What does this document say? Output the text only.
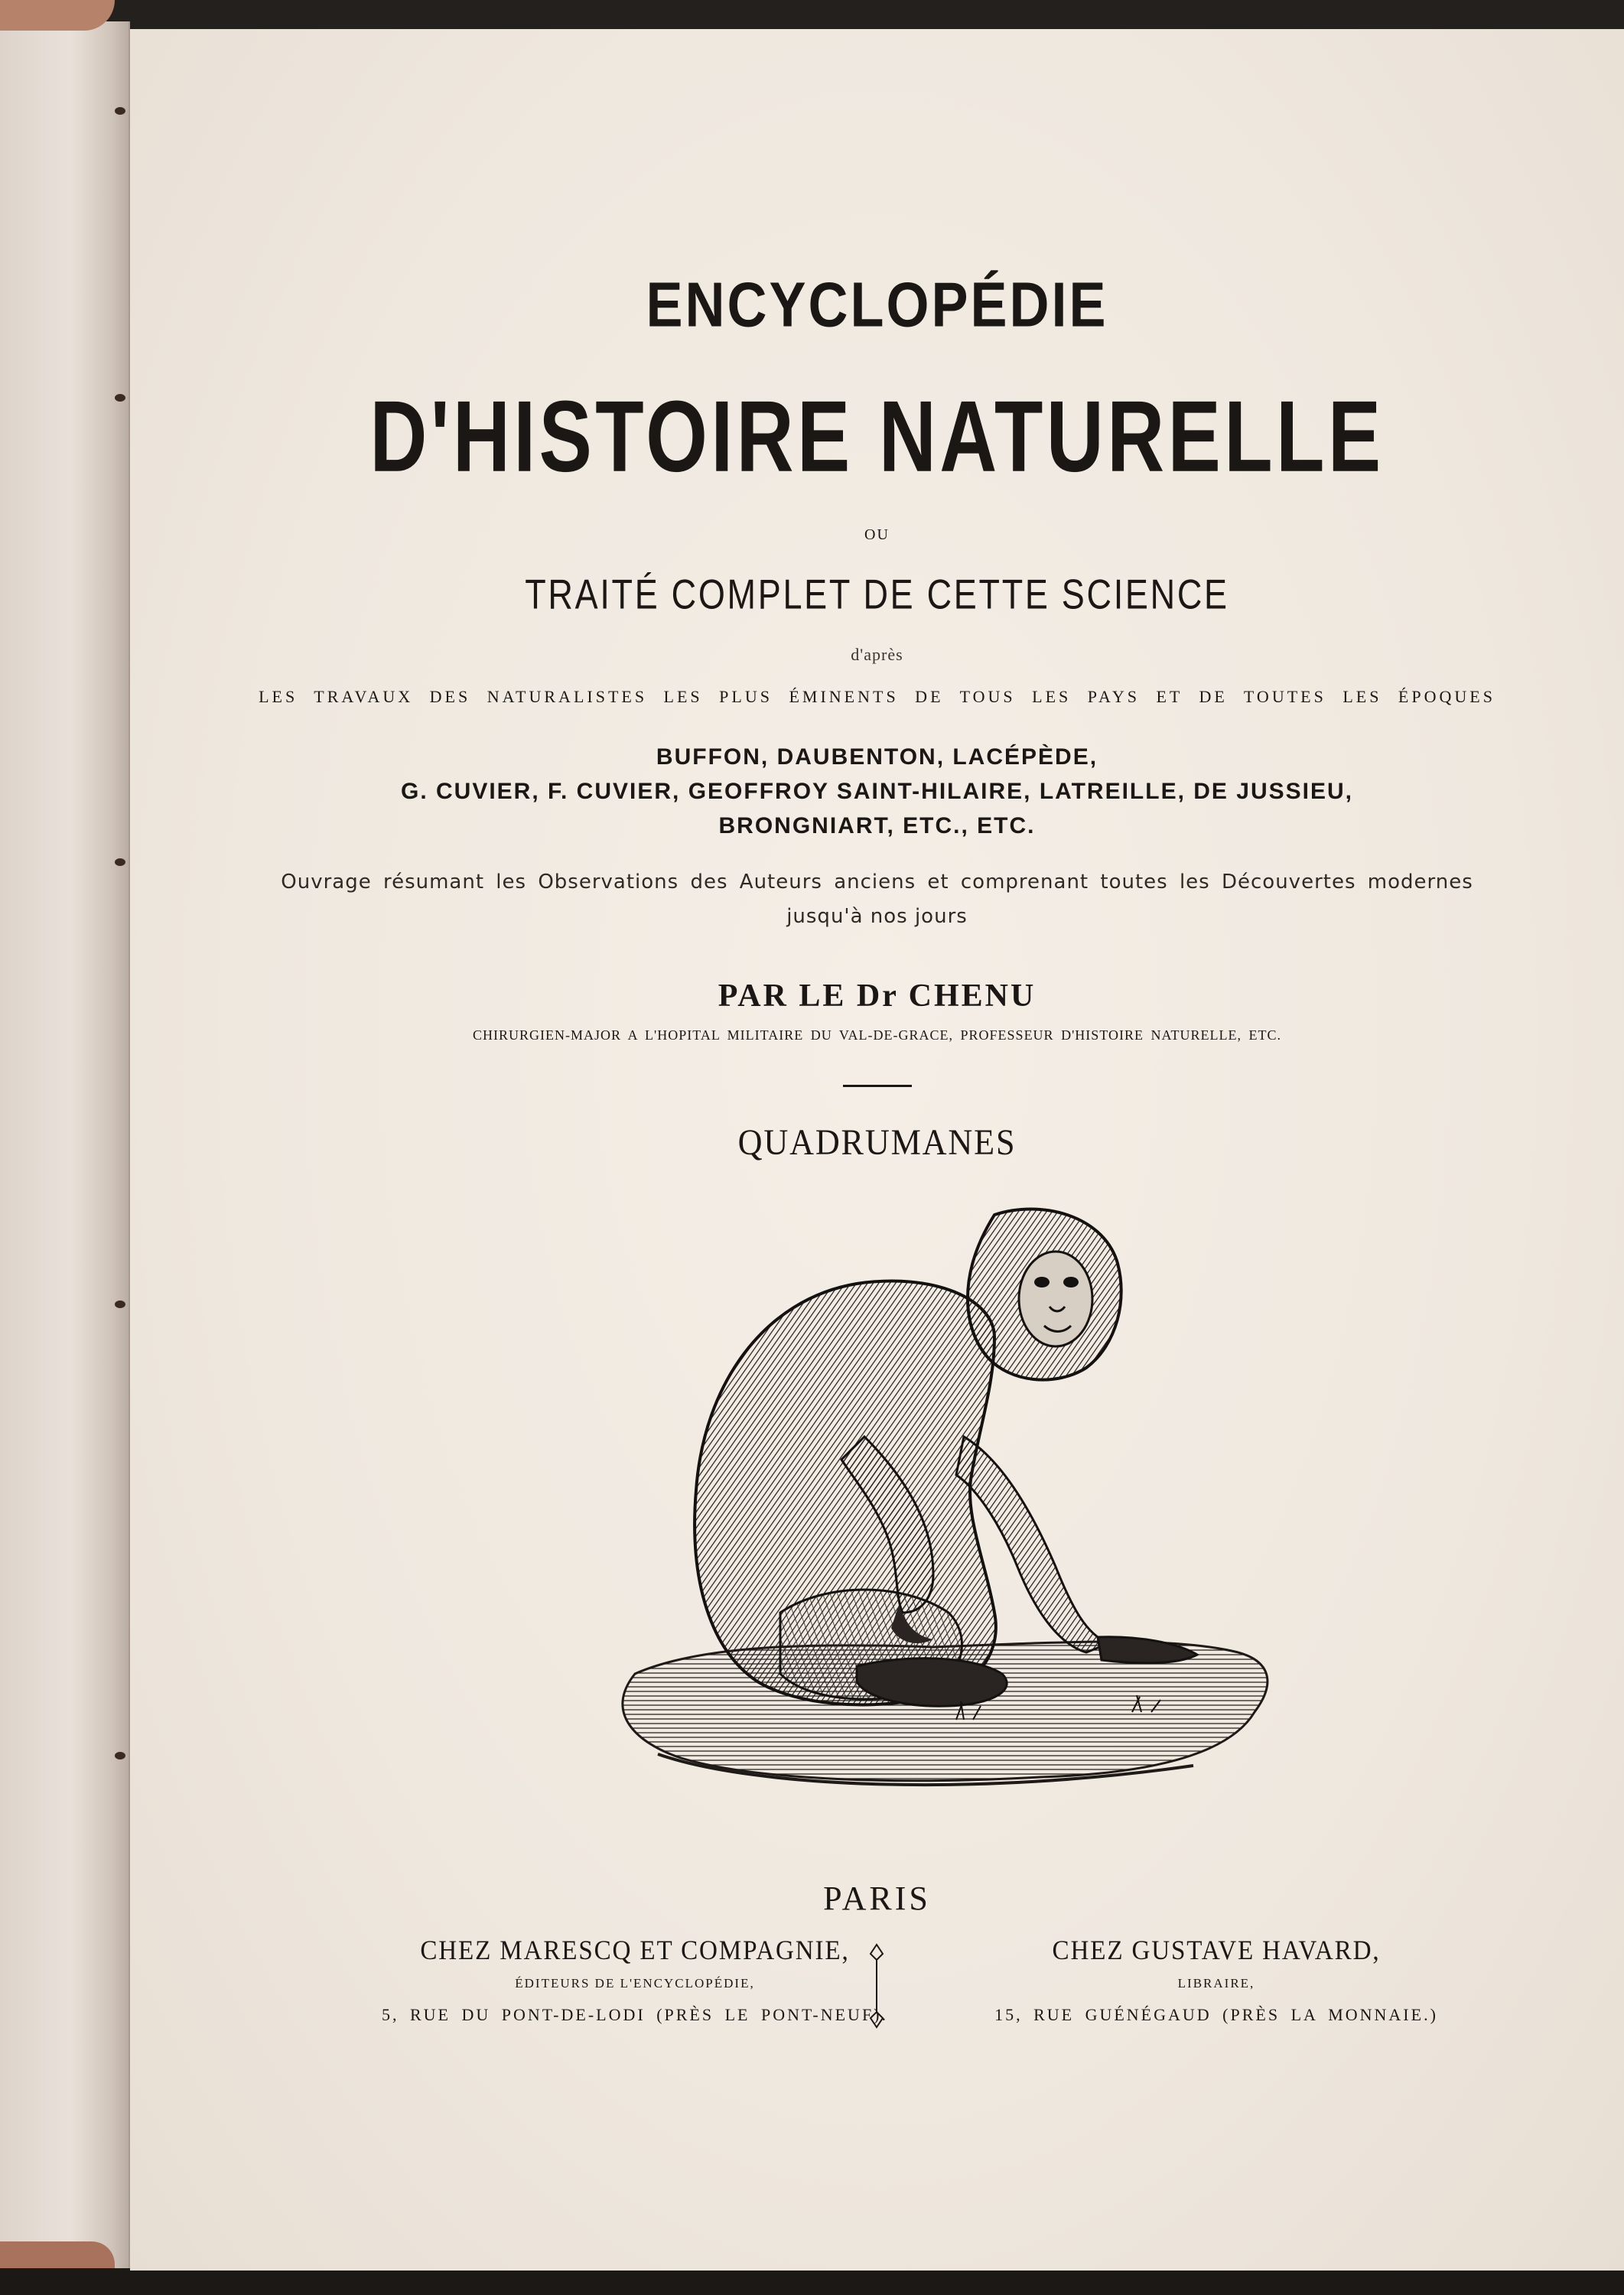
ENCYCLOPÉDIE
D'HISTOIRE NATURELLE
OU
TRAITÉ COMPLET DE CETTE SCIENCE
d'après
LES TRAVAUX DES NATURALISTES LES PLUS ÉMINENTS DE TOUS LES PAYS ET DE TOUTES LES ÉPOQUES
BUFFON, DAUBENTON, LACÉPÈDE,
G. CUVIER, F. CUVIER, GEOFFROY SAINT-HILAIRE, LATREILLE, DE JUSSIEU,
BRONGNIART, ETC., ETC.
Ouvrage résumant les Observations des Auteurs anciens et comprenant toutes les Découvertes modernes
jusqu'à nos jours
PAR LE Dr CHENU
CHIRURGIEN-MAJOR A L'HOPITAL MILITAIRE DU VAL-DE-GRACE, PROFESSEUR D'HISTOIRE NATURELLE, ETC.
QUADRUMANES
PARIS
CHEZ MARESCQ ET COMPAGNIE,
ÉDITEURS DE L'ENCYCLOPÉDIE,
5, RUE DU PONT-DE-LODI (PRÈS LE PONT-NEUF).
CHEZ GUSTAVE HAVARD,
LIBRAIRE,
15, RUE GUÉNÉGAUD (PRÈS LA MONNAIE.)
